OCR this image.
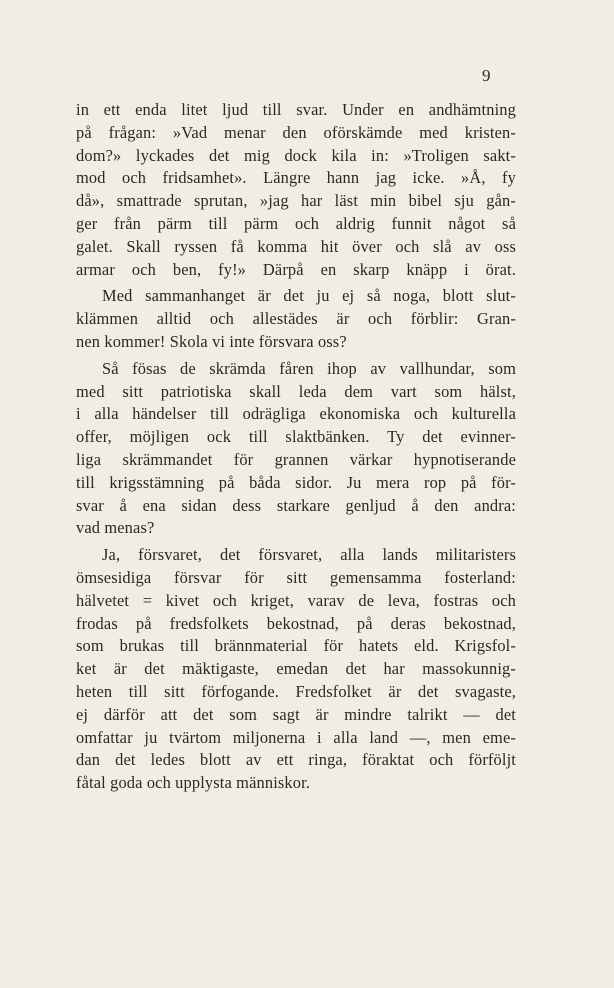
9
in ett enda litet ljud till svar. Under en andhämtning
på frågan: »Vad menar den oförskämde med kristen-
dom?» lyckades det mig dock kila in: »Troligen sakt-
mod och fridsamhet». Längre hann jag icke. »Å, fy
då», smattrade sprutan, »jag har läst min bibel sju gån-
ger från pärm till pärm och aldrig funnit något så
galet. Skall ryssen få komma hit över och slå av oss
armar och ben, fy!» Därpå en skarp knäpp i örat.
Med sammanhanget är det ju ej så noga, blott slut-
klämmen alltid och allestädes är och förblir: Gran-
nen kommer! Skola vi inte försvara oss?
Så fösas de skrämda fåren ihop av vallhundar, som
med sitt patriotiska skall leda dem vart som hälst,
i alla händelser till odrägliga ekonomiska och kulturella
offer, möjligen ock till slaktbänken. Ty det evinner-
liga skrämmandet för grannen värkar hypnotiserande
till krigsstämning på båda sidor. Ju mera rop på för-
svar å ena sidan dess starkare genljud å den andra:
vad menas?
Ja, försvaret, det försvaret, alla lands militaristers
ömsesidiga försvar för sitt gemensamma fosterland:
hälvetet = kivet och kriget, varav de leva, fostras och
frodas på fredsfolkets bekostnad, på deras bekostnad,
som brukas till brännmaterial för hatets eld. Krigsfol-
ket är det mäktigaste, emedan det har massokunnig-
heten till sitt förfogande. Fredsfolket är det svagaste,
ej därför att det som sagt är mindre talrikt — det
omfattar ju tvärtom miljonerna i alla land —, men eme-
dan det ledes blott av ett ringa, föraktat och förföljt
fåtal goda och upplysta människor.
